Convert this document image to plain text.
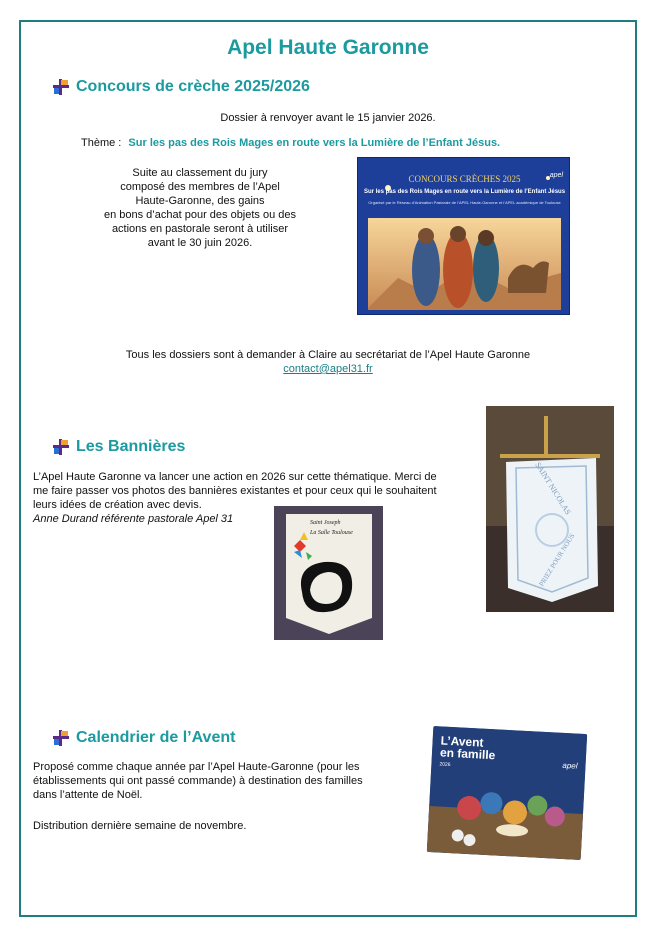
Apel Haute Garonne
Concours de crèche 2025/2026
Dossier à renvoyer avant le 15 janvier 2026.
Thème : Sur les pas des Rois Mages en route vers la Lumière de l’Enfant Jésus.
Suite au classement du jury
composé des membres de l’Apel
Haute-Garonne, des gains
en bons d’achat pour des objets ou des
actions en pastorale seront à utiliser
avant le 30 juin 2026.
CONCOURS CRÈCHES 2025
Sur les pas des Rois Mages en route vers la Lumière de l’Enfant Jésus
Organisé par le Réseau d’Animation Pastorale de l’APEL Haute-Garonne et l’APEL académique de Toulouse
apel
Tous les dossiers sont à demander à Claire au secrétariat de l’Apel Haute Garonne
contact@apel31.fr
Les Bannières
L’Apel Haute Garonne va lancer une action en 2026 sur cette thématique. Merci de
me faire passer vos photos des bannières existantes et pour ceux qui le souhaitent
leurs idées de création avec devis.
Anne Durand référente pastorale Apel 31	Saint Joseph
La Salle Toulouse
SAINT NICOLAS
PRIEZ POUR NOUS
Calendrier de l’Avent
Proposé comme chaque année par l’Apel Haute-Garonne (pour les
établissements qui ont passé commande) à destination des familles
dans l’attente de Noël.
Distribution dernière semaine de novembre.
L’Avent
en famille
2026	apel
